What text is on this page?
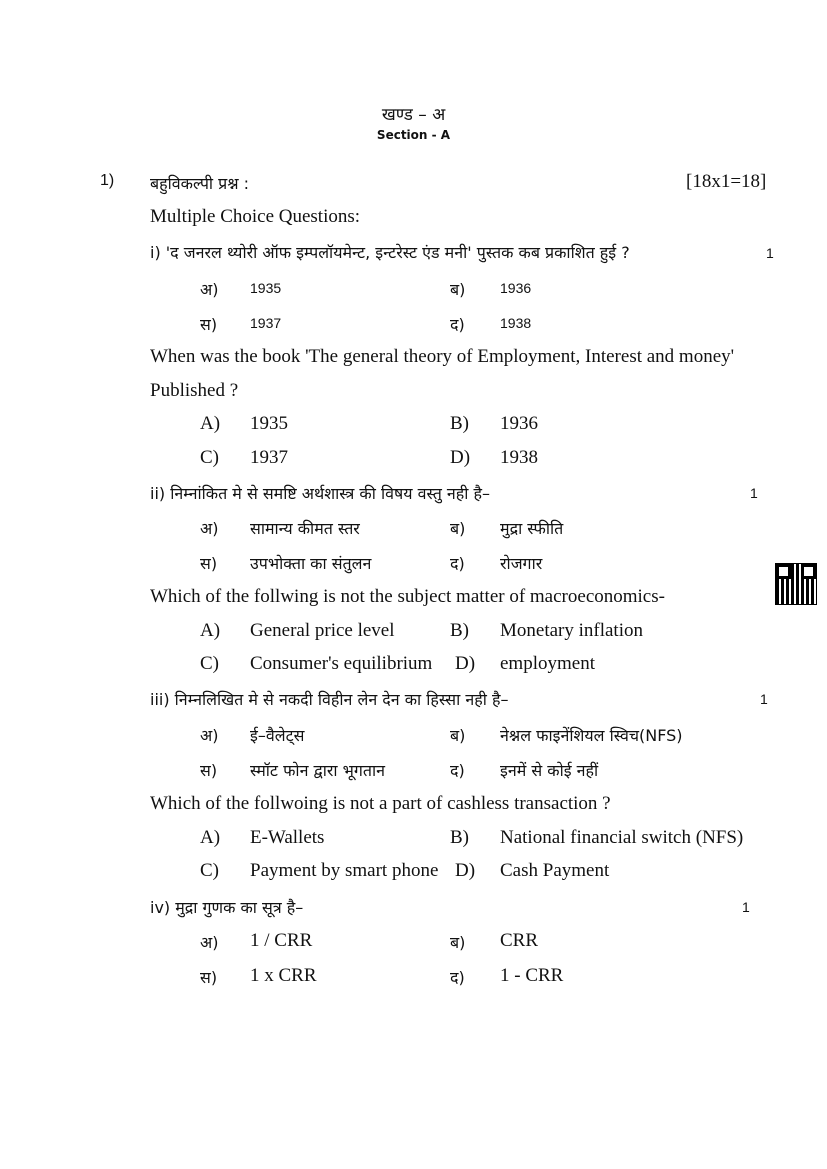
खण्ड – अ
Section - A
1) बहुविकल्पी प्रश्न :	[18x1=18]
Multiple Choice Questions:
i) 'द जनरल थ्योरी ऑफ इम्पलॉयमेन्ट, इन्टरेस्ट एंड मनी' पुस्तक कब प्रकाशित हुई ?	1
अ) 1935	ब) 1936
स) 1937	द)	1938
When was the book 'The general theory of Employment, Interest and money'
Published ?
A) 1935	B) 1936
C) 1937	D) 1938
ii) निम्नांकित मे से समष्टि अर्थशास्त्र की विषय वस्तु नही है–	1
अ) सामान्य कीमत स्तर	ब) मुद्रा स्फीति
स) उपभोक्ता का संतुलन	द) रोजगार
Which of the follwing is not the subject matter of macroeconomics-
A) General price level	B) Monetary inflation
C) Consumer's equilibrium D) employment
iii) निम्नलिखित मे से नकदी विहीन लेन देन का हिस्सा नही है–	1
अ) ई–वैलेट्स	ब) नेश्नल फाइनेंशियल स्विच(NFS)
स) स्मॉट फोन द्वारा भूगतान	द) इनमें से कोई नहीं
Which of the follwoing is not a part of cashless transaction ?
A) E-Wallets	B) National financial switch (NFS)
C) Payment by smart phone D) Cash Payment
iv) मुद्रा गुणक का सूत्र है–	1
अ) 1 / CRR	ब) CRR
स) 1 x CRR	द) 1 - CRR
